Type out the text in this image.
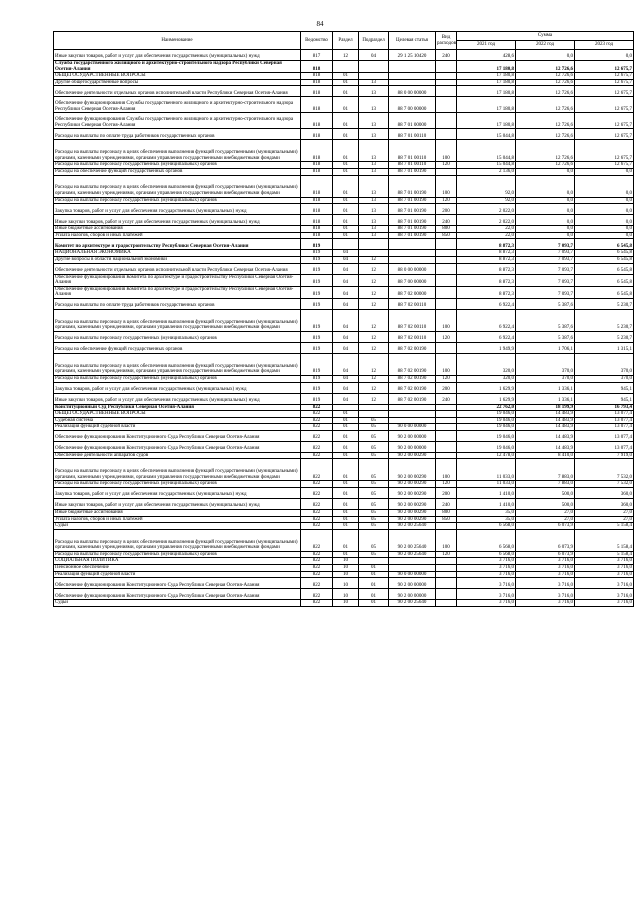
84
Наименование	Ведомство	Раздел	Подраздел	Целевая статья	Вид расходов	Сумма		
						2021 год	2022 год	2023 год
Иные закупки товаров, работ и услуг для обеспечения государственных (муниципальных) нужд	817	12	04	29 1 25 10420	240	428,6	0,0	0,0
Служба государственного жилищного и архитектурно-строительного надзора Республики Северная Осетия-Алания	818					17 180,8	12 726,6	12 675,7
ОБЩЕГОСУДАРСТВЕННЫЕ ВОПРОСЫ	818	01				17 180,8	12 726,6	12 675,7
Другие общегосударственные вопросы	818	01	13			17 180,8	12 726,6	12 675,7
Обеспечение деятельности отдельных органов исполнительной власти Республики Северная Осетия-Алания	818	01	13	88 0 00 00000		17 180,8	12 726,6	12 675,7
Обеспечение функционирования Службы государственного жилищного и архитектурно-строительного надзора Республики Северная Осетия-Алания	818	01	13	88 7 00 00000		17 180,8	12 726,6	12 675,7
Обеспечение функционирования Службы государственного жилищного и архитектурно-строительного надзора Республики Северная Осетия-Алания	818	01	13	88 7 01 00000		17 180,8	12 726,6	12 675,7
Расходы на выплаты по оплате труда работников государственных органов	818	01	13	88 7 01 00110		15 044,8	12 726,6	12 675,7
Расходы на выплаты персоналу в целях обеспечения выполнения функций государственными (муниципальными) органами, казенными учреждениями, органами управления государственными внебюджетными фондами	818	01	13	88 7 01 00110	100	15 044,8	12 726,6	12 675,7
Расходы на выплаты персоналу государственных (муниципальных) органов	818	01	13	88 7 01 00110	120	15 044,8	12 726,6	12 675,7
Расходы на обеспечение функций государственных органов	818	01	13	88 7 01 00190		2 136,0	0,0	0,0
Расходы на выплаты персоналу в целях обеспечения выполнения функций государственными (муниципальными) органами, казенными учреждениями, органами управления государственными внебюджетными фондами	818	01	13	88 7 01 00190	100	92,0	0,0	0,0
Расходы на выплаты персоналу государственных (муниципальных) органов	818	01	13	88 7 01 00190	120	92,0	0,0	0,0
Закупка товаров, работ и услуг для обеспечения государственных (муниципальных) нужд	818	01	13	88 7 01 00190	200	2 022,0	0,0	0,0
Иные закупки товаров, работ и услуг для обеспечения государственных (муниципальных) нужд	818	01	13	88 7 01 00190	240	2 022,0	0,0	0,0
Иные бюджетные ассигнования	818	01	13	88 7 01 00190	800	22,0	0,0	0,0
Уплата налогов, сборов и иных платежей	818	01	13	88 7 01 00190	850	22,0	0,0	0,0
Комитет по архитектуре и градостроительству Республики Северная Осетия-Алания	819					8 872,3	7 093,7	6 545,8
НАЦИОНАЛЬНАЯ ЭКОНОМИКА	819	04				8 872,3	7 093,7	6 545,8
Другие вопросы в области национальной экономики	819	04	12			8 872,3	7 093,7	6 545,8
Обеспечение деятельности отдельных органов исполнительной власти Республики Северная Осетия-Алания	819	04	12	88 0 00 00000		8 872,3	7 093,7	6 545,8
Обеспечение функционирования Комитета по архитектуре и градостроительству Республики Северная Осетия-Алания	819	04	12	88 7 00 00000		8 872,3	7 093,7	6 545,8
Обеспечение функционирования Комитета по архитектуре и градостроительству Республики Северная Осетия-Алания	819	04	12	88 7 02 00000		8 872,3	7 093,7	6 545,8
Расходы на выплаты по оплате труда работников государственных органов	819	04	12	88 7 02 00110		6 922,4	5 387,6	5 230,7
Расходы на выплаты персоналу в целях обеспечения выполнения функций государственными (муниципальными) органами, казенными учреждениями, органами управления государственными внебюджетными фондами	819	04	12	88 7 02 00110	100	6 922,4	5 387,6	5 230,7
Расходы на выплаты персоналу государственных (муниципальных) органов	819	04	12	88 7 02 00110	120	6 922,4	5 387,6	5 230,7
Расходы на обеспечение функций государственных органов	819	04	12	88 7 02 00190		1 949,9	1 706,1	1 315,1
Расходы на выплаты персоналу в целях обеспечения выполнения функций государственными (муниципальными) органами, казенными учреждениями, органами управления государственными внебюджетными фондами	819	04	12	88 7 02 00190	100	320,0	370,0	370,0
Расходы на выплаты персоналу государственных (муниципальных) органов	819	04	12	88 7 02 00190	120	320,0	370,0	370,0
Закупка товаров, работ и услуг для обеспечения государственных (муниципальных) нужд	819	04	12	88 7 02 00190	200	1 629,9	1 336,1	945,1
Иные закупки товаров, работ и услуг для обеспечения государственных (муниципальных) нужд	819	04	12	88 7 02 00190	240	1 629,9	1 336,1	945,1
Конституционный Суд Республики Северная Осетия-Алания	822					22 762,0	18 199,9	16 793,4
ОБЩЕГОСУДАРСТВЕННЫЕ ВОПРОСЫ	822	01				19 046,0	14 483,9	13 077,4
Судебная система	822	01	05			19 046,0	14 483,9	13 077,4
Реализация функций судебной власти	822	01	05	90 0 00 00000		19 046,0	14 483,9	13 077,4
Обеспечение функционирования Конституционного Суда Республики Северная Осетия-Алания	822	01	05	90 2 00 00000		19 046,0	14 483,9	13 077,4
Обеспечение функционирования Конституционного Суда Республики Северная Осетия-Алания	822	01	05	90 2 00 00000		19 046,0	14 483,9	13 077,4
Обеспечение деятельности аппаратов судов	822	01	05	90 2 00 00290		12 478,0	8 410,0	7 919,0
Расходы на выплаты персоналу в целях обеспечения выполнения функций государственными (муниципальными) органами, казенными учреждениями, органами управления государственными внебюджетными фондами	822	01	05	90 2 00 00290	100	11 033,0	7 883,0	7 532,0
Расходы на выплаты персоналу государственных (муниципальных) органов	822	01	05	90 2 00 00290	120	11 033,0	7 883,0	7 532,0
Закупка товаров, работ и услуг для обеспечения государственных (муниципальных) нужд	822	01	05	90 2 00 00290	200	1 410,0	500,0	360,0
Иные закупки товаров, работ и услуг для обеспечения государственных (муниципальных) нужд	822	01	05	90 2 00 00290	240	1 410,0	500,0	360,0
Иные бюджетные ассигнования	822	01	05	90 2 00 00290	800	35,0	27,0	27,0
Уплата налогов, сборов и иных платежей	822	01	05	90 2 00 00290	850	35,0	27,0	27,0
Судьи	822	01	05	90 2 00 25640		6 568,0	6 073,9	5 158,4
Расходы на выплаты персоналу в целях обеспечения выполнения функций государственными (муниципальными) органами, казенными учреждениями, органами управления государственными внебюджетными фондами	822	01	05	90 2 00 25640	100	6 568,0	6 073,9	5 158,4
Расходы на выплаты персоналу государственных (муниципальных) органов	822	01	05	90 2 00 25640	120	6 568,0	6 073,9	5 158,4
СОЦИАЛЬНАЯ ПОЛИТИКА	822	10				3 716,0	3 716,0	3 716,0
Пенсионное обеспечение	822	10	01			3 716,0	3 716,0	3 716,0
Реализация функций судебной власти	822	10	01	90 0 00 00000		3 716,0	3 716,0	3 716,0
Обеспечение функционирования Конституционного Суда Республики Северная Осетия-Алания	822	10	01	90 2 00 00000		3 716,0	3 716,0	3 716,0
Обеспечение функционирования Конституционного Суда Республики Северная Осетия-Алания	822	10	01	90 2 00 00000		3 716,0	3 716,0	3 716,0
Судьи	822	10	01	90 2 00 25640		3 716,0	3 716,0	3 716,0
